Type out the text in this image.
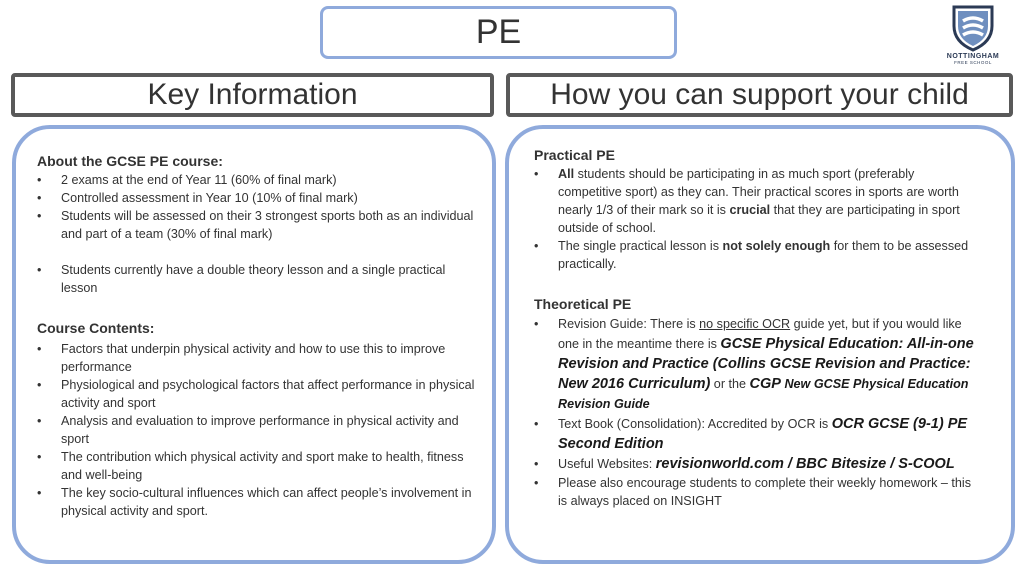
PE
NOTTINGHAM
FREE SCHOOL
Key Information	How you can support your child
About the GCSE PE course:
• 2 exams at the end of Year 11 (60% of final mark)
• Controlled assessment in Year 10 (10% of final mark)
• Students will be assessed on their 3 strongest sports both as an individual and part of a team (30% of final mark)
• Students currently have a double theory lesson and a single practical lesson
Course Contents:
• Factors that underpin physical activity and how to use this to improve performance
• Physiological and psychological factors that affect performance in physical activity and sport
• Analysis and evaluation to improve performance in physical activity and sport
• The contribution which physical activity and sport make to health, fitness and well-being
• The key socio-cultural influences which can affect people’s involvement in physical activity and sport.
Practical PE
• All students should be participating in as much sport (preferably competitive sport) as they can. Their practical scores in sports are worth nearly 1/3 of their mark so it is crucial that they are participating in sport outside of school.
• The single practical lesson is not solely enough for them to be assessed practically.
Theoretical PE
• Revision Guide: There is no specific OCR guide yet, but if you would like one in the meantime there is GCSE Physical Education: All-in-one Revision and Practice (Collins GCSE Revision and Practice: New 2016 Curriculum) or the CGP New GCSE Physical Education Revision Guide
• Text Book (Consolidation): Accredited by OCR is OCR GCSE (9-1) PE Second Edition
• Useful Websites: revisionworld.com / BBC Bitesize / S-COOL
• Please also encourage students to complete their weekly homework – this is always placed on INSIGHT
